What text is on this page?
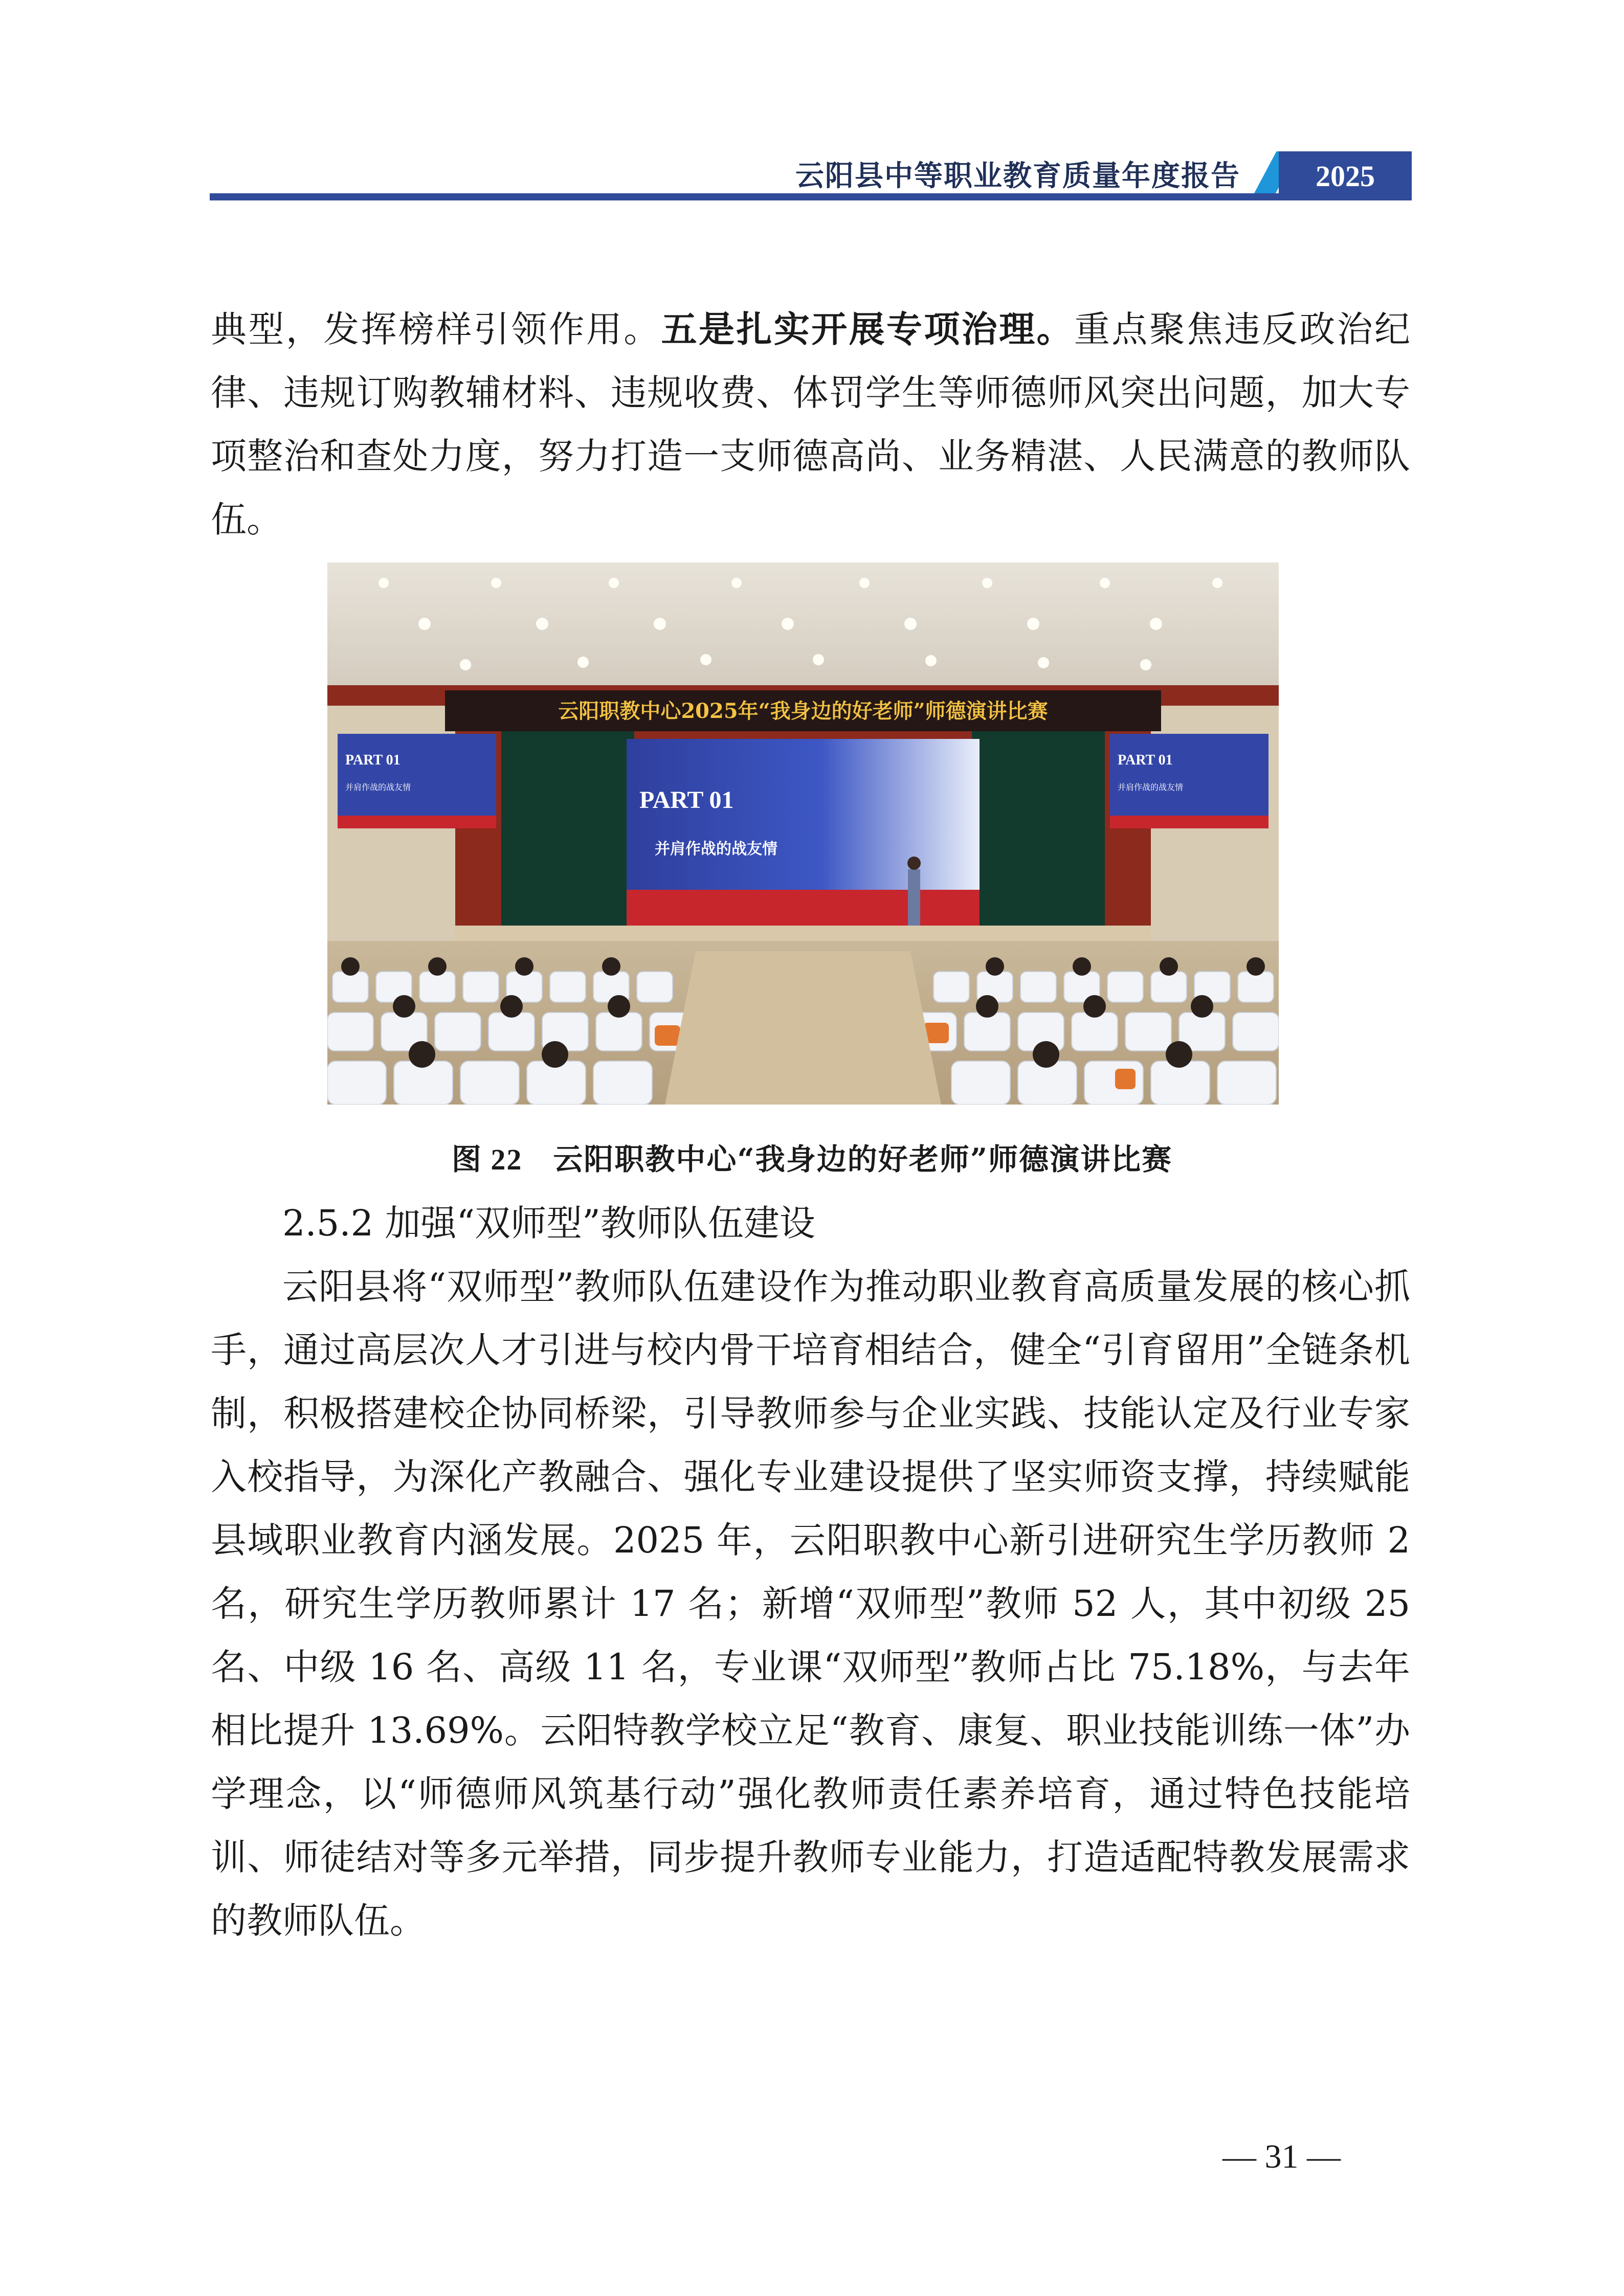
云阳县中等职业教育质量年度报告	2025
典型，发挥榜样引领作用。五是扎实开展专项治理。重点聚焦违反政治纪律、违规订购教辅材料、违规收费、体罚学生等师德师风突出问题，加大专项整治和查处力度，努力打造一支师德高尚、业务精湛、人民满意的教师队伍。
云阳职教中心2025年“我身边的好老师”师德演讲比赛
PART 01
并肩作战的战友情
PART 01
并肩作战的战友情
PART 01
并肩作战的战友情
图 22 云阳职教中心“我身边的好老师”师德演讲比赛
2.5.2 加强“双师型”教师队伍建设
云阳县将“双师型”教师队伍建设作为推动职业教育高质量发展的核心抓手，通过高层次人才引进与校内骨干培育相结合，健全“引育留用”全链条机制，积极搭建校企协同桥梁，引导教师参与企业实践、技能认定及行业专家入校指导，为深化产教融合、强化专业建设提供了坚实师资支撑，持续赋能县域职业教育内涵发展。2025 年，云阳职教中心新引进研究生学历教师 2 名，研究生学历教师累计 17 名；新增“双师型”教师 52 人，其中初级 25 名、中级 16 名、高级 11 名，专业课“双师型”教师占比 75.18%，与去年相比提升 13.69%。云阳特教学校立足“教育、康复、职业技能训练一体”办学理念，以“师德师风筑基行动”强化教师责任素养培育，通过特色技能培训、师徒结对等多元举措，同步提升教师专业能力，打造适配特教发展需求的教师队伍。
— 31 —
